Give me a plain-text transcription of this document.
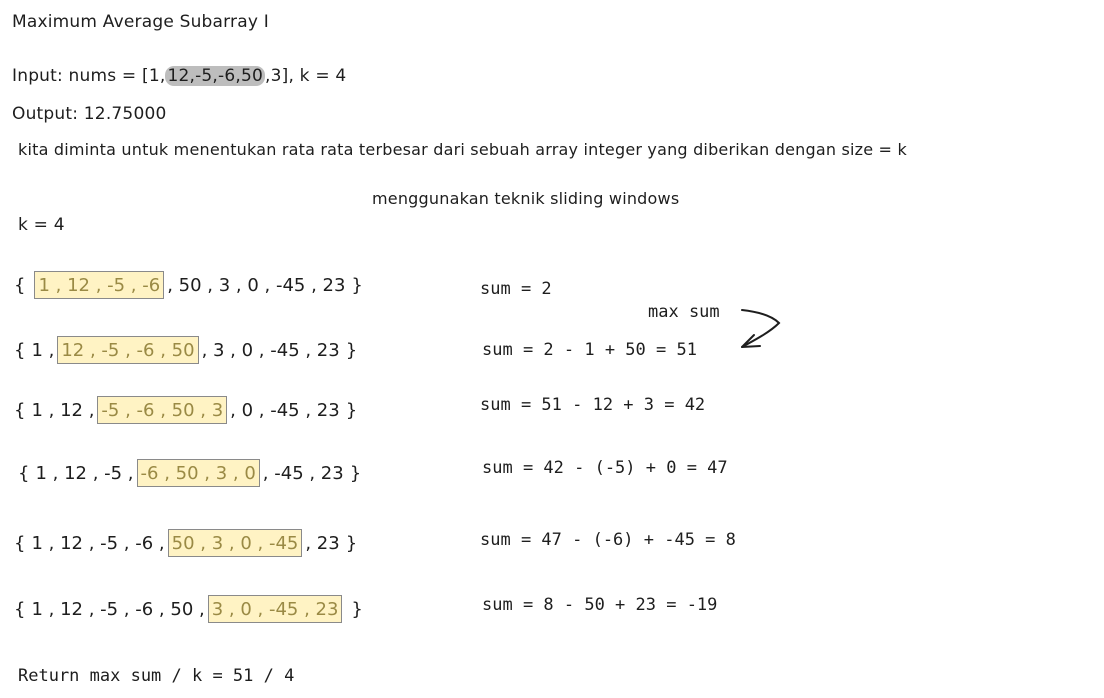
Maximum Average Subarray I
Input: nums = [1, 12,-5,-6,50 ,3], k = 4
Output: 12.75000
kita diminta untuk menentukan rata rata terbesar dari sebuah array integer yang diberikan dengan size = k
menggunakan teknik sliding windows
k = 4
{ 1 , 12 , -5 , -6 , 50 , 3 , 0 , -45 , 23 }	sum = 2
{ 1 , 12 , -5 , -6 , 50 , 3 , 0 , -45 , 23 }	sum = 2 - 1 + 50 = 51
{ 1 , 12 , -5 , -6 , 50 , 3 , 0 , -45 , 23 }	sum = 51 - 12 + 3 = 42
{ 1 , 12 , -5 , -6 , 50 , 3 , 0 , -45 , 23 }	sum = 42 - (-5) + 0 = 47
{ 1 , 12 , -5 , -6 , 50 , 3 , 0 , -45 , 23 }	sum = 47 - (-6) + -45 = 8
{ 1 , 12 , -5 , -6 , 50 , 3 , 0 , -45 , 23 }	sum = 8 - 50 + 23 = -19
max sum
Return max sum / k = 51 / 4
